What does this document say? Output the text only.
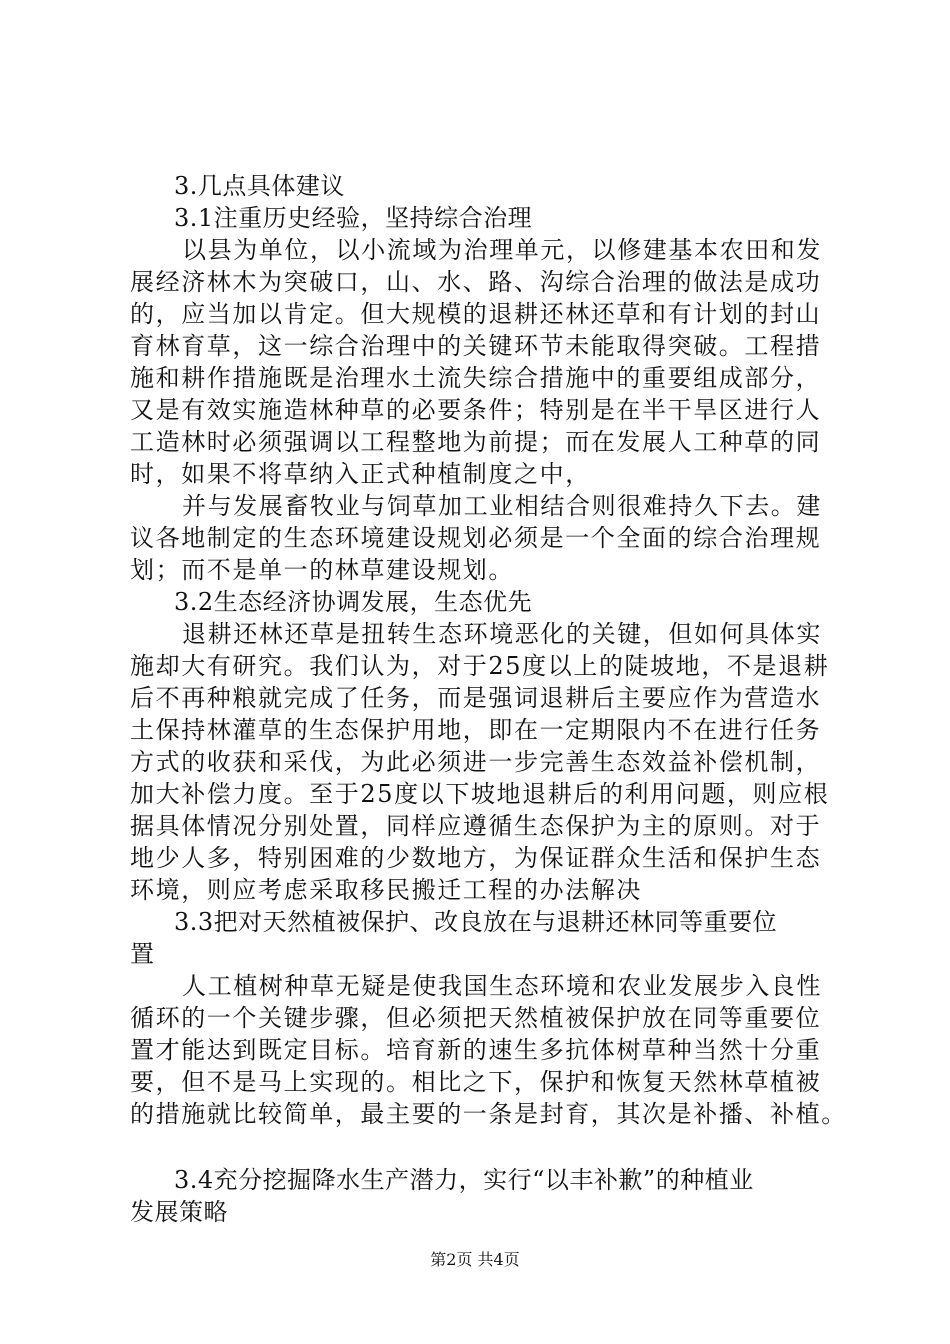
3.几点具体建议
3.1注重历史经验，坚持综合治理
以县为单位，以小流域为治理单元，以修建基本农田和发
展经济林木为突破口，山、水、路、沟综合治理的做法是成功
的，应当加以肯定。但大规模的退耕还林还草和有计划的封山
育林育草，这一综合治理中的关键环节未能取得突破。工程措
施和耕作措施既是治理水土流失综合措施中的重要组成部分，
又是有效实施造林种草的必要条件；特别是在半干旱区进行人
工造林时必须强调以工程整地为前提；而在发展人工种草的同
时，如果不将草纳入正式种植制度之中，
并与发展畜牧业与饲草加工业相结合则很难持久下去。建
议各地制定的生态环境建设规划必须是一个全面的综合治理规
划；而不是单一的林草建设规划。
3.2生态经济协调发展，生态优先
退耕还林还草是扭转生态环境恶化的关键，但如何具体实
施却大有研究。我们认为，对于25度以上的陡坡地，不是退耕
后不再种粮就完成了任务，而是强词退耕后主要应作为营造水
土保持林灌草的生态保护用地，即在一定期限内不在进行任务
方式的收获和采伐，为此必须进一步完善生态效益补偿机制，
加大补偿力度。至于25度以下坡地退耕后的利用问题，则应根
据具体情况分别处置，同样应遵循生态保护为主的原则。对于
地少人多，特别困难的少数地方，为保证群众生活和保护生态
环境，则应考虑采取移民搬迁工程的办法解决
3.3把对天然植被保护、改良放在与退耕还林同等重要位
置
人工植树种草无疑是使我国生态环境和农业发展步入良性
循环的一个关键步骤，但必须把天然植被保护放在同等重要位
置才能达到既定目标。培育新的速生多抗体树草种当然十分重
要，但不是马上实现的。相比之下，保护和恢复天然林草植被
的措施就比较简单，最主要的一条是封育，其次是补播、补植。
3.4充分挖掘降水生产潜力，实行“以丰补歉”的种植业
发展策略
第2页 共4页
